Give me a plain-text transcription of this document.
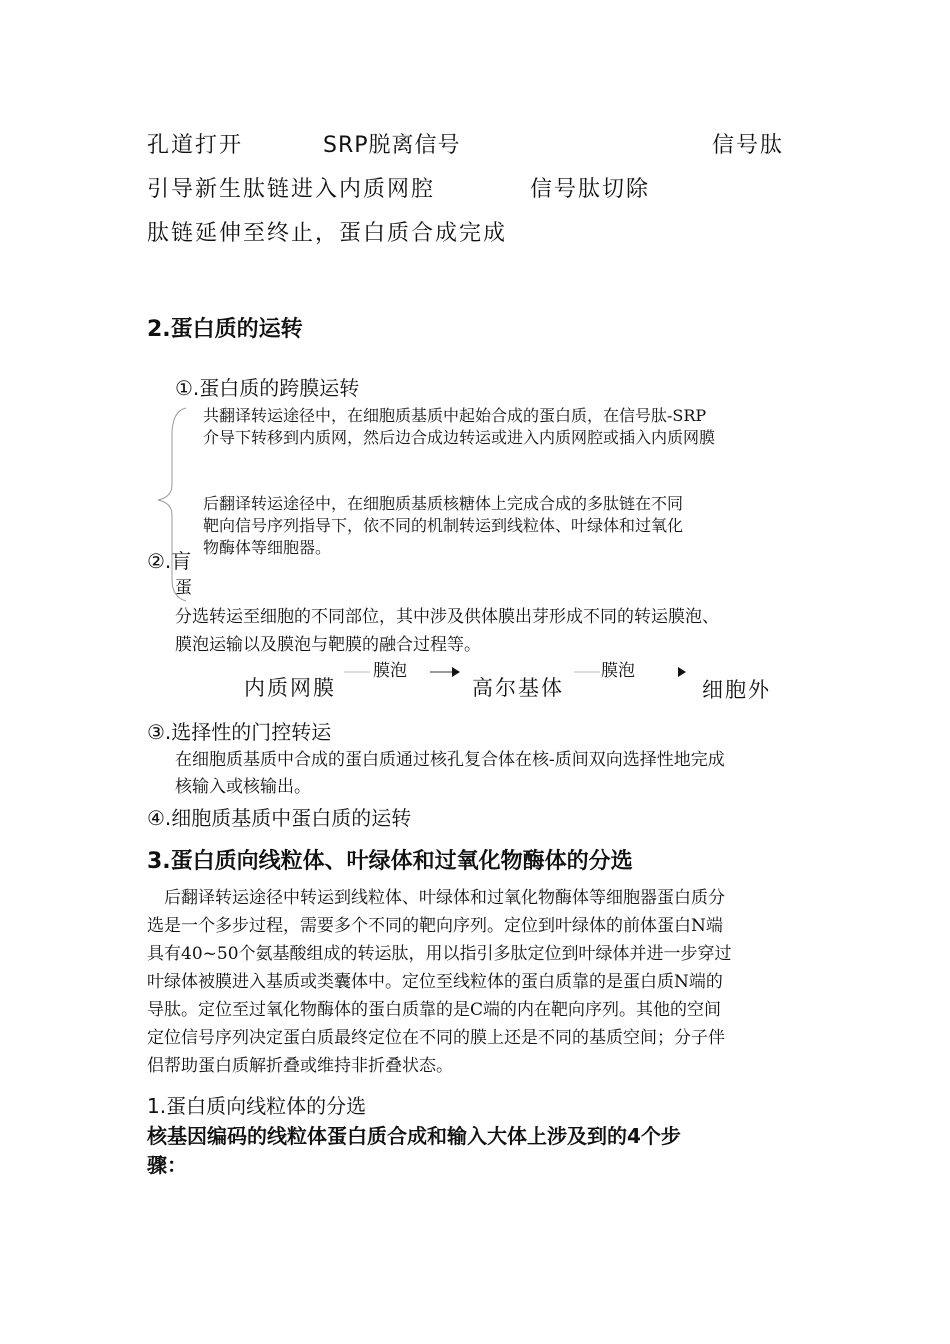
孔道打开	SRP脱离信号	信号肽
引导新生肽链进入内质网腔	信号肽切除
肽链延伸至终止，蛋白质合成完成
2.蛋白质的运转
①.蛋白质的跨膜运转
共翻译转运途径中，在细胞质基质中起始合成的蛋白质，在信号肽-SRP
介导下转移到内质网，然后边合成边转运或进入内质网腔或插入内质网膜
后翻译转运途径中，在细胞质基质核糖体上完成合成的多肽链在不同
靶向信号序列指导下，依不同的机制转运到线粒体、叶绿体和过氧化
物酶体等细胞器。
②.肓
蛋
分选转运至细胞的不同部位，其中涉及供体膜出芽形成不同的转运膜泡、
膜泡运输以及膜泡与靶膜的融合过程等。
内质网膜
膜泡
高尔基体
膜泡
细胞外
③.选择性的门控转运
在细胞质基质中合成的蛋白质通过核孔复合体在核-质间双向选择性地完成
核输入或核输出。
④.细胞质基质中蛋白质的运转
3.蛋白质向线粒体、叶绿体和过氧化物酶体的分选
后翻译转运途径中转运到线粒体、叶绿体和过氧化物酶体等细胞器蛋白质分
选是一个多步过程，需要多个不同的靶向序列。定位到叶绿体的前体蛋白N端
具有40~50个氨基酸组成的转运肽，用以指引多肽定位到叶绿体并进一步穿过
叶绿体被膜进入基质或类囊体中。定位至线粒体的蛋白质靠的是蛋白质N端的
导肽。定位至过氧化物酶体的蛋白质靠的是C端的内在靶向序列。其他的空间
定位信号序列决定蛋白质最终定位在不同的膜上还是不同的基质空间；分子伴
侣帮助蛋白质解折叠或维持非折叠状态。
1.蛋白质向线粒体的分选
核基因编码的线粒体蛋白质合成和输入大体上涉及到的4个步
骤：
